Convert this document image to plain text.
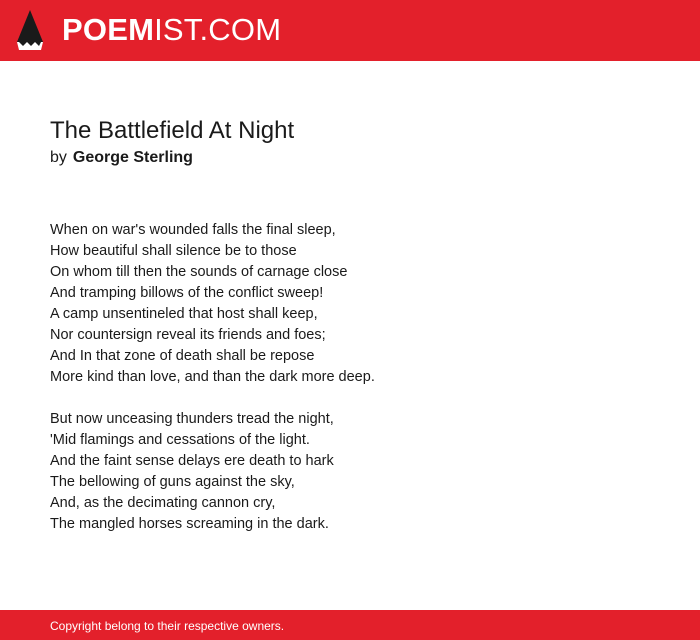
POEMIST.COM
The Battlefield At Night
by George Sterling
When on war's wounded falls the final sleep,
How beautiful shall silence be to those
On whom till then the sounds of carnage close
And tramping billows of the conflict sweep!
A camp unsentineled that host shall keep,
Nor countersign reveal its friends and foes;
And In that zone of death shall be repose
More kind than love, and than the dark more deep.
But now unceasing thunders tread the night,
'Mid flamings and cessations of the light.
And the faint sense delays ere death to hark
The bellowing of guns against the sky,
And, as the decimating cannon cry,
The mangled horses screaming in the dark.
Copyright belong to their respective owners.
